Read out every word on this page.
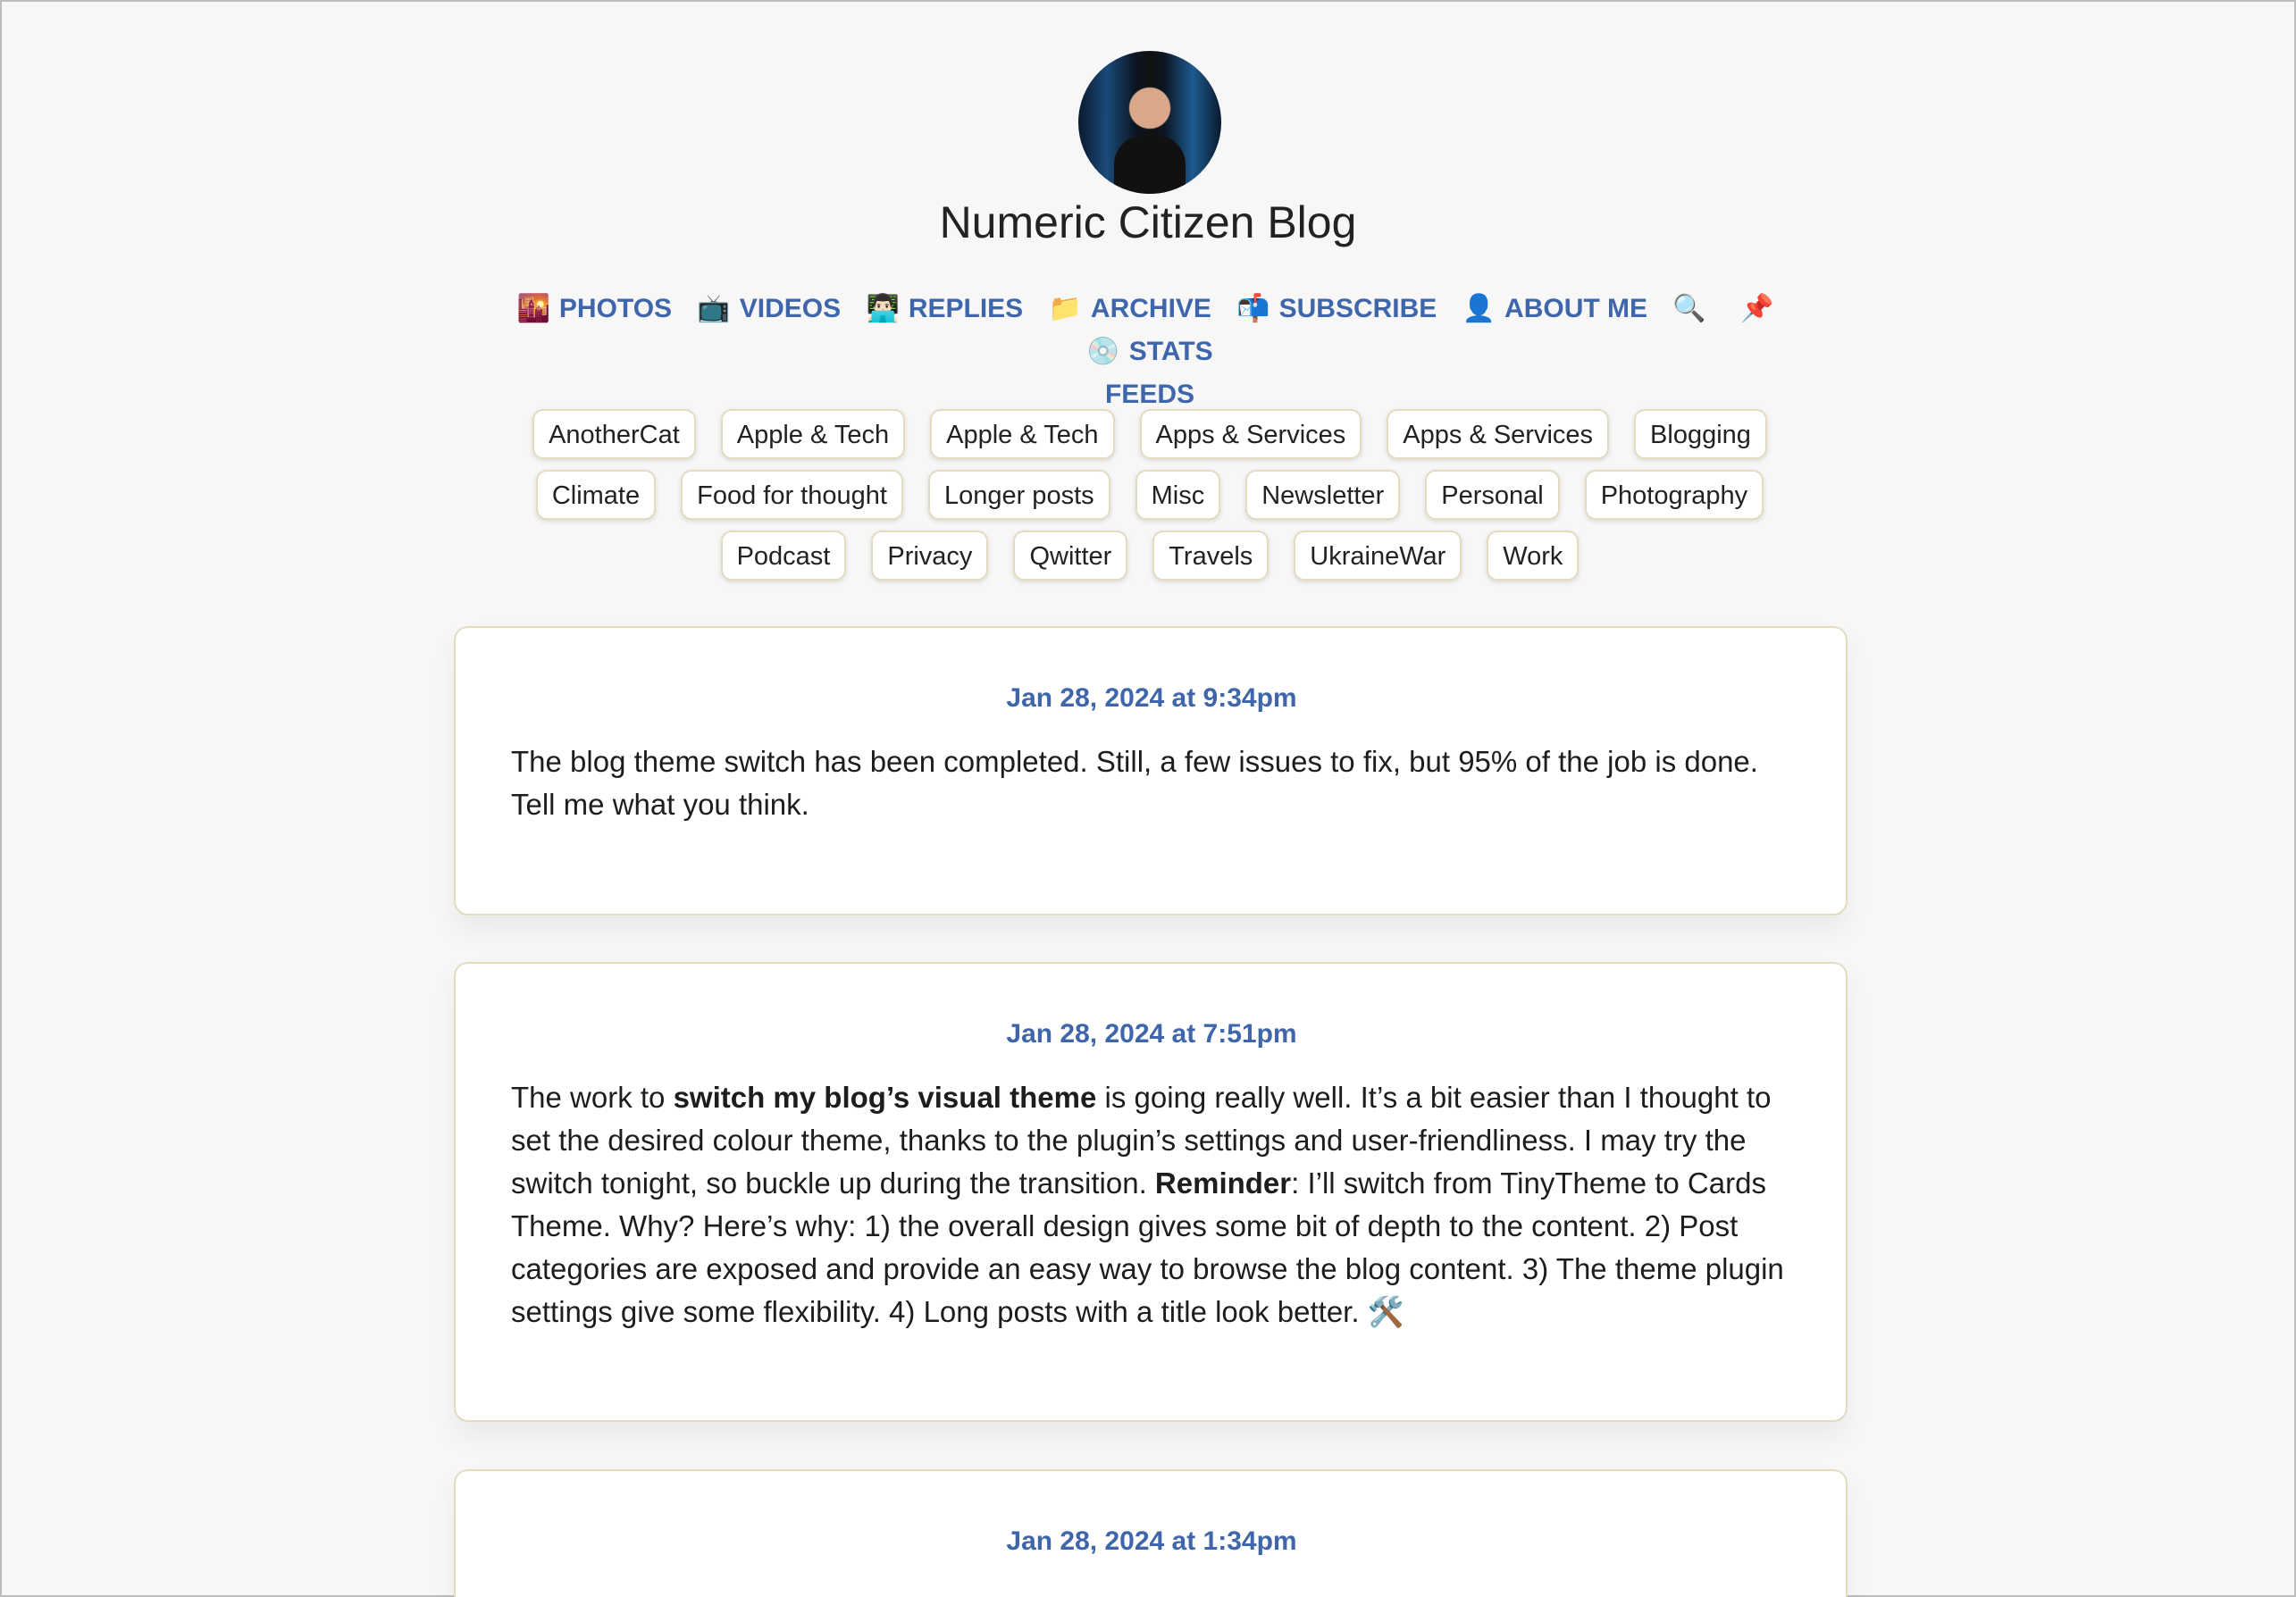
Numeric Citizen Blog
🌇 PHOTOS 📺 VIDEOS 👨🏻‍💻 REPLIES 📁 ARCHIVE 📬 SUBSCRIBE 👤 ABOUT ME 🔍 📌 💿 STATS
FEEDS
AnotherCat Apple & Tech Apple & Tech Apps & Services Apps & Services Blogging
Climate Food for thought Longer posts Misc Newsletter Personal Photography
Podcast Privacy Qwitter Travels UkraineWar Work
Jan 28, 2024 at 9:34pm

The blog theme switch has been completed. Still, a few issues to fix, but 95% of the job is done. Tell me what you think.

Jan 28, 2024 at 7:51pm

The work to switch my blog’s visual theme is going really well. It’s a bit easier than I thought to set the desired colour theme, thanks to the plugin’s settings and user-friendliness. I may try the switch tonight, so buckle up during the transition. Reminder: I’ll switch from TinyTheme to Cards Theme. Why? Here’s why: 1) the overall design gives some bit of depth to the content. 2) Post categories are exposed and provide an easy way to browse the blog content. 3) The theme plugin settings give some flexibility. 4) Long posts with a title look better. 🛠️

Jan 28, 2024 at 1:34pm
